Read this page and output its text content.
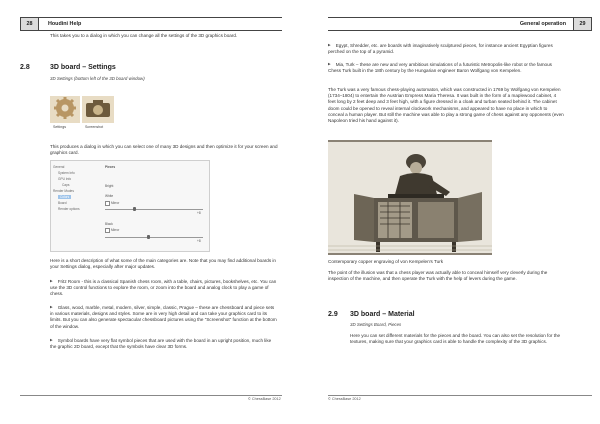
28	Houdini Help

This takes you to a dialog in which you can change all the settings of the 3D graphics board.

2.8	3D board – Settings
3D Settings (bottom left of the 3D board window)
Settings	Screenshot

This produces a dialog in which you can select one of many 3D designs and then optimize it for your screen and graphics card.

General
System Info
GPU Info
Caps
Render Modes
Colors
Board
Render options
Pieces
Bright
White
Mirror
+8
Black
Mirror
+8

Here is a short description of what some of the main categories are. Note that you may find additional boards in your Settings dialog, especially after major updates.

▶ Fritz Room - this is a classical Spanish chess room, with a table, chairs, pictures, bookshelves, etc. You can use the 3D control functions to explore the room, or zoom into the board and analog clock to play a game of chess.

▶ Glass, wood, marble, metal, modern, silver, simple, classic, Prague – these are chessboard and piece sets in various materials, designs and styles. Some are in very high detail and can take your graphics card to its limits. But you can also generate spectacular chessboard pictures using the "Screenshot" function at the bottom of the window.

▶ Symbol boards have very flat symbol pieces that are used with the board in an upright position, much like the graphic 2D board, except that the symbols have clear 3D forms.

© ChessBase 2012
General operation	29

▶ Egypt, Shredder, etc. are boards with imaginatively sculptured pieces, for instance ancient Egyptian figures perched on the top of a pyramid.

▶ Mia, Turk – these are new and very ambitious simulations of a futuristic Metropolis-like robot or the famous Chess Turk built in the 18th century by the Hungarian engineer Baron Wolfgang von Kempelen.

The Turk was a very famous chess-playing automaton, which was constructed in 1769 by Wolfgang von Kempelen (1734–1804) to entertain the Austrian Empress Maria Theresa. It was built in the form of a maplewood cabinet, 4 feet long by 2 feet deep and 3 feet high, with a figure dressed in a cloak and turban seated behind it. The cabinet doom could be opened to reveal internal clockwork mechanisms, and appeared to have no place in which to conceal a human player. But still the machine was able to play a strong game of chess against any opponents (even Napoleon tried his hand against it).

Contemporary copper engraving of von Kempelen's Turk

The point of the illusion was that a chess player was actually able to conceal himself very cleverly during the inspection of the machine, and then operate the Turk with the help of levers during the game.

2.9 3D board – Material
3D Settings Board, Pieces

Here you can set different materials for the pieces and the board. You can also set the resolution for the textures, making sure that your graphics card is able to handle the complexity of the 3D graphics.

© ChessBase 2012
